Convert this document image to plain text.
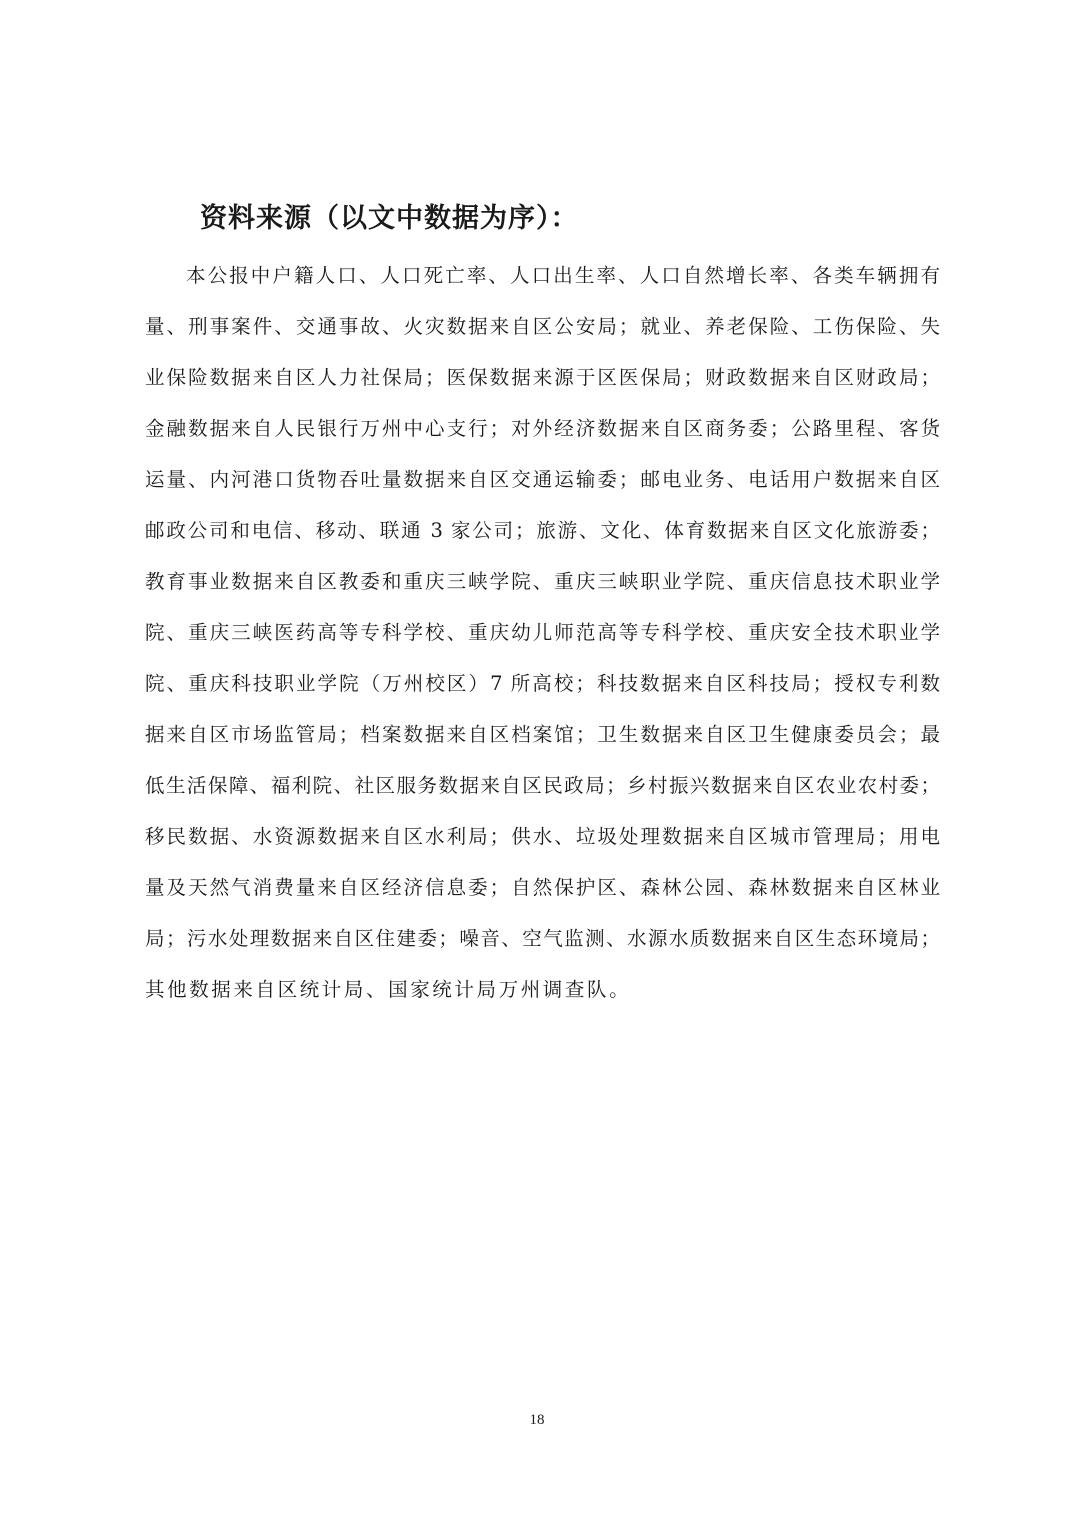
资料来源（以文中数据为序）：
本公报中户籍人口、人口死亡率、人口出生率、人口自然增长率、各类车辆拥有
量、刑事案件、交通事故、火灾数据来自区公安局；就业、养老保险、工伤保险、失
业保险数据来自区人力社保局；医保数据来源于区医保局；财政数据来自区财政局；
金融数据来自人民银行万州中心支行；对外经济数据来自区商务委；公路里程、客货
运量、内河港口货物吞吐量数据来自区交通运输委；邮电业务、电话用户数据来自区
邮政公司和电信、移动、联通 3 家公司；旅游、文化、体育数据来自区文化旅游委；
教育事业数据来自区教委和重庆三峡学院、重庆三峡职业学院、重庆信息技术职业学
院、重庆三峡医药高等专科学校、重庆幼儿师范高等专科学校、重庆安全技术职业学
院、重庆科技职业学院（万州校区）7 所高校；科技数据来自区科技局；授权专利数
据来自区市场监管局；档案数据来自区档案馆；卫生数据来自区卫生健康委员会；最
低生活保障、福利院、社区服务数据来自区民政局；乡村振兴数据来自区农业农村委；
移民数据、水资源数据来自区水利局；供水、垃圾处理数据来自区城市管理局；用电
量及天然气消费量来自区经济信息委；自然保护区、森林公园、森林数据来自区林业
局；污水处理数据来自区住建委；噪音、空气监测、水源水质数据来自区生态环境局；
其他数据来自区统计局、国家统计局万州调查队。
18
